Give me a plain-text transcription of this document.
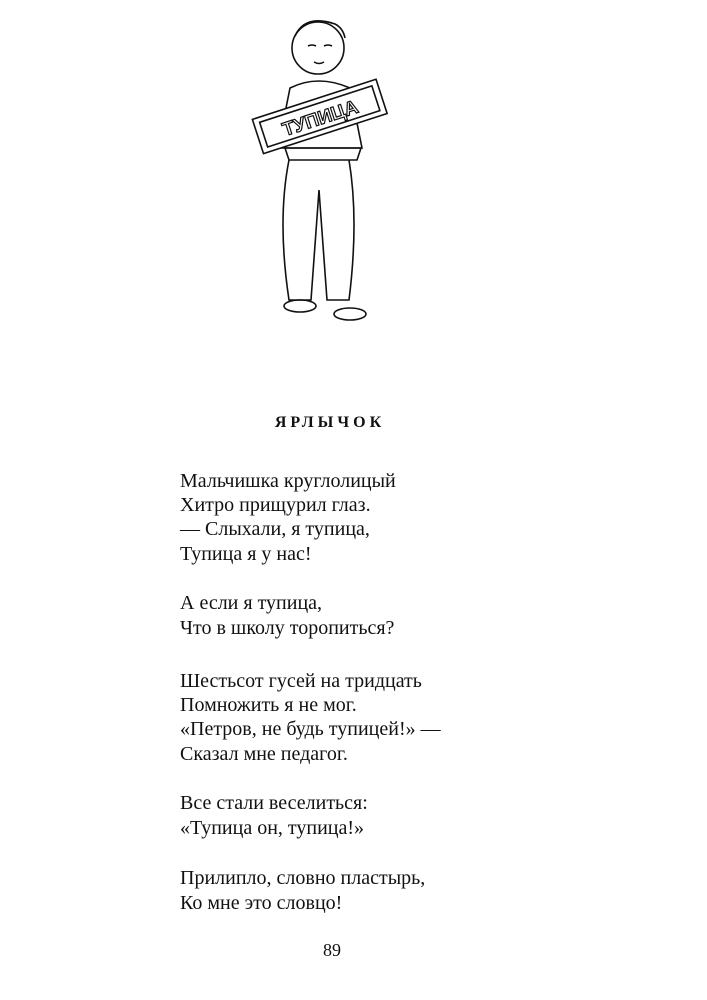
ТУПИЦА
ЯРЛЫЧОК
Мальчишка круглолицый
Хитро прищурил глаз.
— Слыхали, я тупица,
Тупица я у нас!
А если я тупица,
Что в школу торопиться?
Шестьсот гусей на тридцать
Помножить я не мог.
«Петров, не будь тупицей!» —
Сказал мне педагог.
Все стали веселиться:
«Тупица он, тупица!»
Прилипло, словно пластырь,
Ко мне это словцо!
89
